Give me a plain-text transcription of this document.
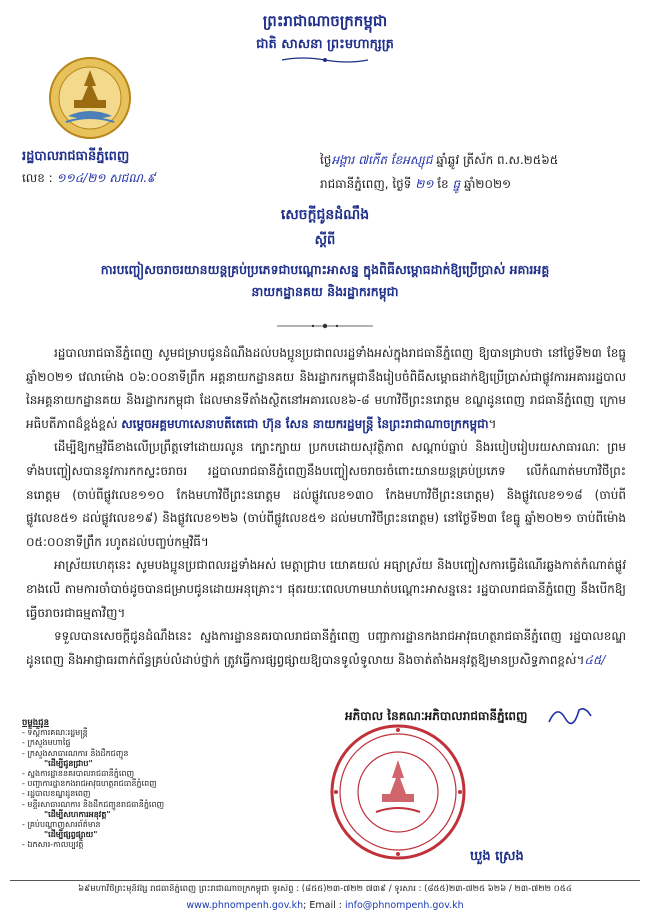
ព្រះរាជាណាចក្រកម្ពុជា
ជាតិ សាសនា ព្រះមហាក្សត្រ
រដ្ឋបាលរាជធានីភ្នំពេញ
លេខ : ១១៤/២១ សជណ.៩
ថ្ងៃអង្គារ ៧កើត ខែអស្សុជ ឆ្នាំឆ្លូវ ត្រីស័ក ព.ស.២៥៦៥
រាជធានីភ្នំពេញ, ថ្ងៃទី ២១ ខែ ធ្នូ ឆ្នាំ២០២១
សេចក្តីជូនដំណឹង
ស្តីពី
ការបញ្ចៀសចរាចរយានយន្តគ្រប់ប្រភេទជាបណ្តោះអាសន្ន ក្នុងពិធីសម្ពោធដាក់ឱ្យប្រើប្រាស់ អគារអគ្គនាយកដ្ឋានគយ និងរដ្ឋាករកម្ពុជា

រដ្ឋបាលរាជធានីភ្នំពេញ សូមជម្រាបជូនដំណឹងដល់បងប្អូនប្រជាពលរដ្ឋទាំងអស់ក្នុងរាជធានីភ្នំពេញ ឱ្យបានជ្រាបថា នៅថ្ងៃទី២៣ ខែធ្នូ ឆ្នាំ២០២១ វេលាម៉ោង ០៦:០០នាទីព្រឹក អគ្គនាយកដ្ឋានគយ និងរដ្ឋាករកម្ពុជានឹងរៀបចំពិធីសម្ពោធដាក់ឱ្យប្រើប្រាស់ជាផ្លូវការអគាររដ្ឋបាល នៃអគ្គនាយកដ្ឋានគយ និងរដ្ឋាករកម្ពុជា ដែលមានទីតាំងស្ថិតនៅអគារលេខ៦-៨ មហាវិថីព្រះនរោត្តម ខណ្ឌដូនពេញ រាជធានីភ្នំពេញ ក្រោមអធិបតីភាពដ៏ខ្ពង់ខ្ពស់ សម្តេចអគ្គមហាសេនាបតីតេជោ ហ៊ុន សែន នាយករដ្ឋមន្ត្រី នៃព្រះរាជាណាចក្រកម្ពុជា។

ដើម្បីឱ្យកម្មវិធីខាងលើប្រព្រឹត្តទៅដោយរលូន ក្បោះក្បាយ ប្រកបដោយសុវត្ថិភាព សណ្តាប់ធ្នាប់ និងរបៀបរៀបរយសាធារណៈ ព្រមទាំងបញ្ចៀសបាននូវការកកស្ទះចរាចរ រដ្ឋបាលរាជធានីភ្នំពេញនឹងបញ្ចៀសចរាចរចំពោះយានយន្តគ្រប់ប្រភេទ លើកំណាត់មហាវិថីព្រះនរោត្តម (ចាប់ពីផ្លូវលេខ១១០ កែងមហាវិថីព្រះនរោត្តម ដល់ផ្លូវលេខ១៣០ កែងមហាវិថីព្រះនរោត្តម) និងផ្លូវលេខ១១៨ (ចាប់ពីផ្លូវលេខ៥១ ដល់ផ្លូវលេខ១៩) និងផ្លូវលេខ១២៦ (ចាប់ពីផ្លូវលេខ៥១ ដល់មហាវិថីព្រះនរោត្តម) នៅថ្ងៃទី២៣ ខែធ្នូ ឆ្នាំ២០២១ ចាប់ពីម៉ោង ០៥:០០នាទីព្រឹក រហូតដល់បញ្ចប់កម្មវិធី។

អាស្រ័យហេតុនេះ សូមបងប្អូនប្រជាពលរដ្ឋទាំងអស់ មេត្តាជ្រាប យោគយល់ អធ្យាស្រ័យ និងបញ្ចៀសការធ្វើដំណើរឆ្លងកាត់កំណាត់ផ្លូវខាងលើ តាមការចាំបាច់ដូចបានជម្រាបជូនដោយអនុគ្រោះ។ ផុតរយៈពេលហាមឃាត់បណ្តោះអាសន្ននេះ រដ្ឋបាលរាជធានីភ្នំពេញ នឹងបើកឱ្យធ្វើចរាចរជាធម្មតាវិញ។

ទទួលបានសេចក្តីជូនដំណឹងនេះ ស្នងការដ្ឋាននគរបាលរាជធានីភ្នំពេញ បញ្ជាការដ្ឋានកងរាជអាវុធហត្ថរាជធានីភ្នំពេញ រដ្ឋបាលខណ្ឌដូនពេញ និងអាជ្ញាធរពាក់ព័ន្ធគ្រប់លំដាប់ថ្នាក់ ត្រូវធ្វើការផ្សព្វផ្សាយឱ្យបានទូលំទូលាយ និងចាត់តាំងអនុវត្តឱ្យមានប្រសិទ្ធភាពខ្ពស់។៤៥/

អភិបាល នៃគណៈអភិបាលរាជធានីភ្នំពេញ
ចម្លងជូន
- ទីស្តីការគណៈរដ្ឋមន្ត្រី
- ក្រសួងមហាផ្ទៃ
- ក្រសួងសាធារណការ និងដឹកជញ្ជូន
"ដើម្បីជូនជ្រាប"
- ស្នងការដ្ឋាននគរបាលរាជធានីភ្នំពេញ
- បញ្ជាការដ្ឋានកងរាជអាវុធហត្ថរាជធានីភ្នំពេញ
- រដ្ឋបាលខណ្ឌដូនពេញ
- មន្ទីរសាធារណការ និងដឹកជញ្ជូនរាជធានីភ្នំពេញ
"ដើម្បីសហការអនុវត្ត"
- គ្រប់បណ្តាញសារព័ត៌មាន
"ដើម្បីផ្សព្វផ្សាយ"
- ឯកសារ-កាលប្បវត្តិ
ឃួង ស្រេង
៦៩មហាវិថីព្រះមុនីវង្ស រាជធានីភ្នំពេញ ព្រះរាជាណាចក្រកម្ពុជា ទូរស័ព្ទ : (៨៥៥)២៣-៧២២ ៧៣៩ / ទូរសារ : (៨៥៥)២៣-៧២៥ ៦២៦ / ២៣-៧២២ ០៥៤
www.phnompenh.gov.kh; Email : info@phnompenh.gov.kh
